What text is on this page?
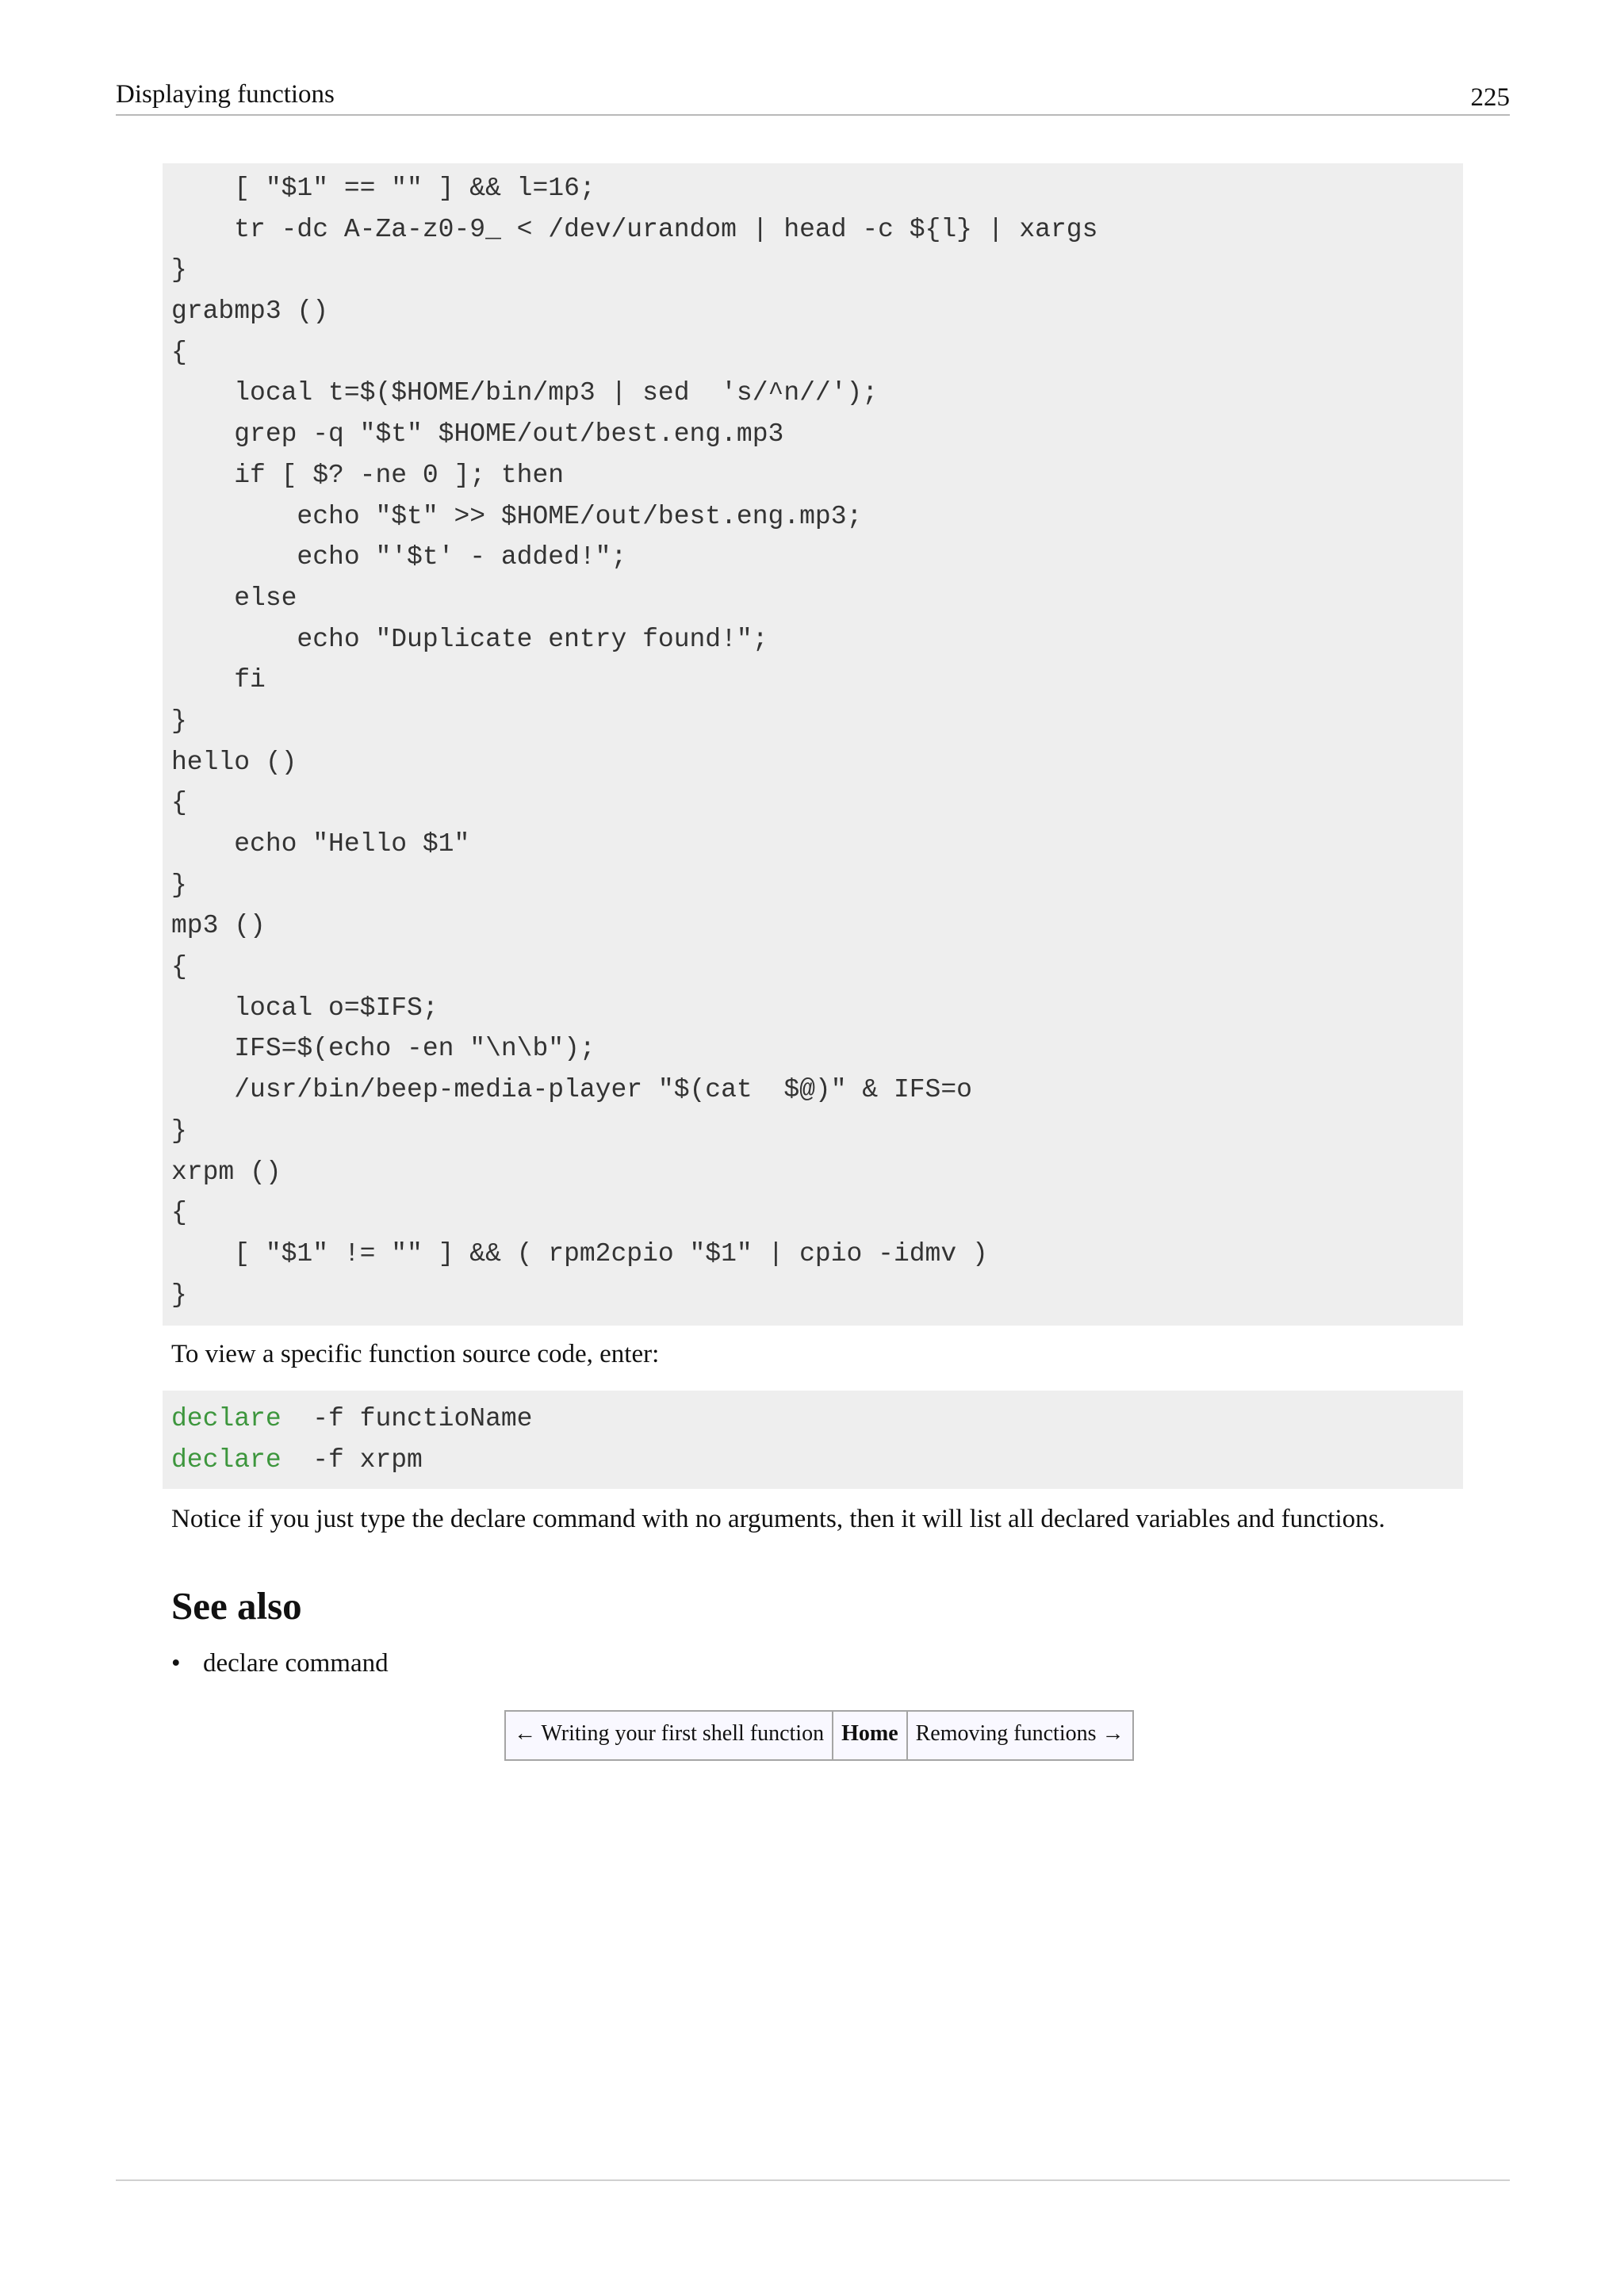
Displaying functions	225
[ "$1" == "" ] && l=16;
tr -dc A-Za-z0-9_ < /dev/urandom | head -c ${l} | xargs
}
grabmp3 ()
{
local t=$($HOME/bin/mp3 | sed  's/^n//');
grep -q "$t" $HOME/out/best.eng.mp3
if [ $? -ne 0 ]; then
echo "$t" >> $HOME/out/best.eng.mp3;
echo "'$t' - added!";
else
echo "Duplicate entry found!";
fi
}
hello ()
{
echo "Hello $1"
}
mp3 ()
{
local o=$IFS;
IFS=$(echo -en "\n\b");
/usr/bin/beep-media-player "$(cat  $@)" & IFS=o
}
xrpm ()
{
[ "$1" != "" ] && ( rpm2cpio "$1" | cpio -idmv )
}
To view a specific function source code, enter:
declare  -f functioName
declare  -f xrpm
Notice if you just type the declare command with no arguments, then it will list all declared variables and functions.
See also
• declare command
← Writing your first shell function Home Removing functions →
